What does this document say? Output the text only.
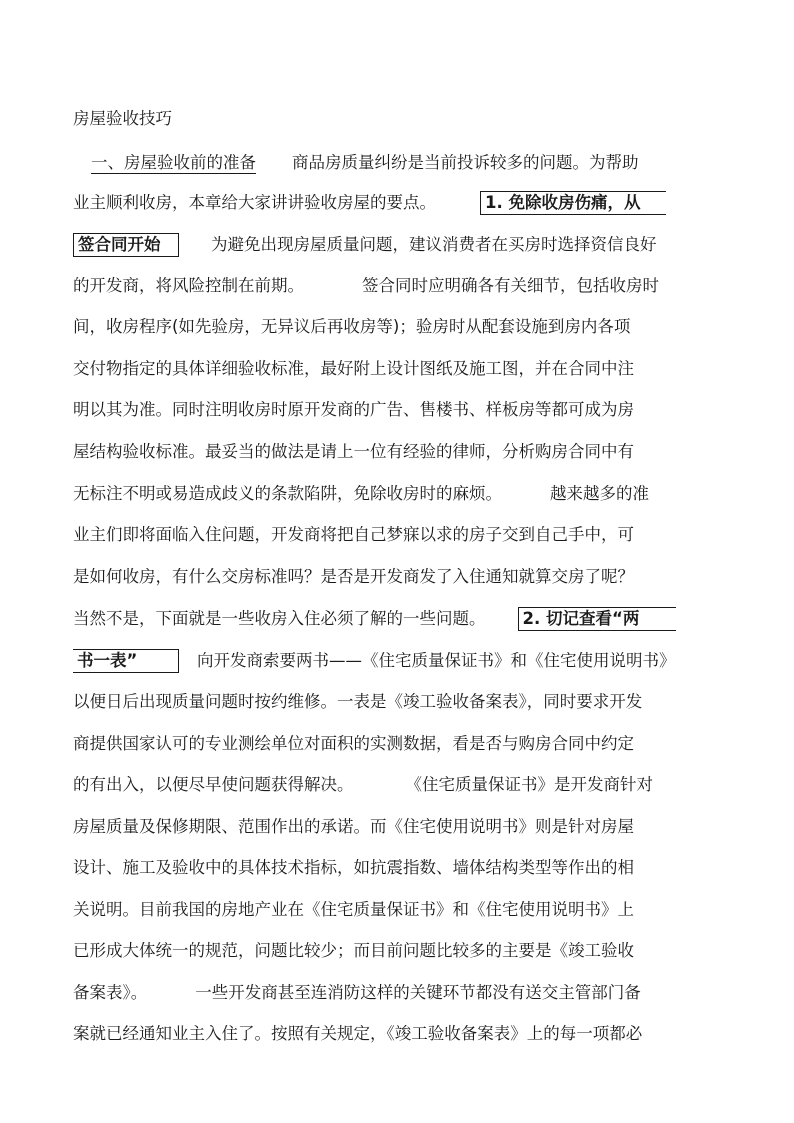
房屋验收技巧
一、房屋验收前的准备 商品房质量纠纷是当前投诉较多的问题。为帮助
业主顺利收房，本章给大家讲讲验收房屋的要点。	1. 免除收房伤痛，从
签合同开始	为避免出现房屋质量问题，建议消费者在买房时选择资信良好
的开发商，将风险控制在前期。	签合同时应明确各有关细节，包括收房时
间，收房程序(如先验房，无异议后再收房等)；验房时从配套设施到房内各项
交付物指定的具体详细验收标准，最好附上设计图纸及施工图，并在合同中注
明以其为准。同时注明收房时原开发商的广告、售楼书、样板房等都可成为房
屋结构验收标准。最妥当的做法是请上一位有经验的律师，分析购房合同中有
无标注不明或易造成歧义的条款陷阱，免除收房时的麻烦。	越来越多的准
业主们即将面临入住问题，开发商将把自己梦寐以求的房子交到自己手中，可
是如何收房，有什么交房标准吗？是否是开发商发了入住通知就算交房了呢？
当然不是，下面就是一些收房入住必须了解的一些问题。 2. 切记查看“两
书一表”	向开发商索要两书——《住宅质量保证书》和《住宅使用说明书》
以便日后出现质量问题时按约维修。一表是《竣工验收备案表》，同时要求开发
商提供国家认可的专业测绘单位对面积的实测数据，看是否与购房合同中约定
的有出入，以便尽早使问题获得解决。	《住宅质量保证书》是开发商针对
房屋质量及保修期限、范围作出的承诺。而《住宅使用说明书》则是针对房屋
设计、施工及验收中的具体技术指标，如抗震指数、墙体结构类型等作出的相
关说明。目前我国的房地产业在《住宅质量保证书》和《住宅使用说明书》上
已形成大体统一的规范，问题比较少；而目前问题比较多的主要是《竣工验收
备案表》。	一些开发商甚至连消防这样的关键环节都没有送交主管部门备
案就已经通知业主入住了。按照有关规定，《竣工验收备案表》上的每一项都必
